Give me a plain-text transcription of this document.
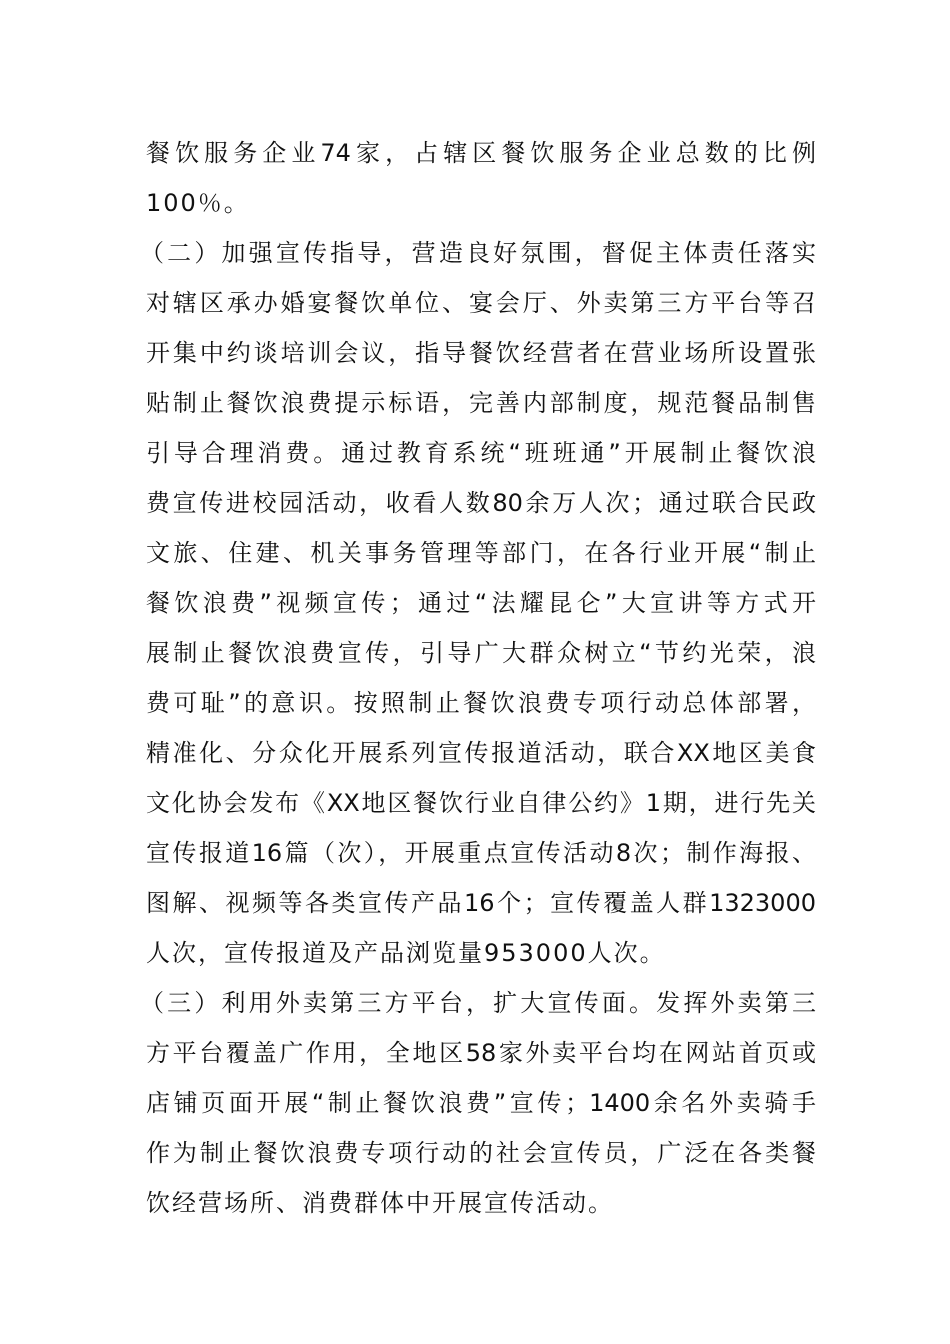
餐饮服务企业74家，占辖区餐饮服务企业总数的比例
100％。
（二）加强宣传指导，营造良好氛围，督促主体责任落实
对辖区承办婚宴餐饮单位、宴会厅、外卖第三方平台等召
开集中约谈培训会议，指导餐饮经营者在营业场所设置张
贴制止餐饮浪费提示标语，完善内部制度，规范餐品制售
引导合理消费。通过教育系统“班班通”开展制止餐饮浪
费宣传进校园活动，收看人数80余万人次；通过联合民政
文旅、住建、机关事务管理等部门，在各行业开展“制止
餐饮浪费”视频宣传；通过“法耀昆仑”大宣讲等方式开
展制止餐饮浪费宣传，引导广大群众树立“节约光荣，浪
费可耻”的意识。按照制止餐饮浪费专项行动总体部署，
精准化、分众化开展系列宣传报道活动，联合XX地区美食
文化协会发布《XX地区餐饮行业自律公约》1期，进行先关
宣传报道16篇（次），开展重点宣传活动8次；制作海报、
图解、视频等各类宣传产品16个；宣传覆盖人群1323000
人次，宣传报道及产品浏览量953000人次。
（三）利用外卖第三方平台，扩大宣传面。发挥外卖第三
方平台覆盖广作用，全地区58家外卖平台均在网站首页或
店铺页面开展“制止餐饮浪费”宣传；1400余名外卖骑手
作为制止餐饮浪费专项行动的社会宣传员，广泛在各类餐
饮经营场所、消费群体中开展宣传活动。
